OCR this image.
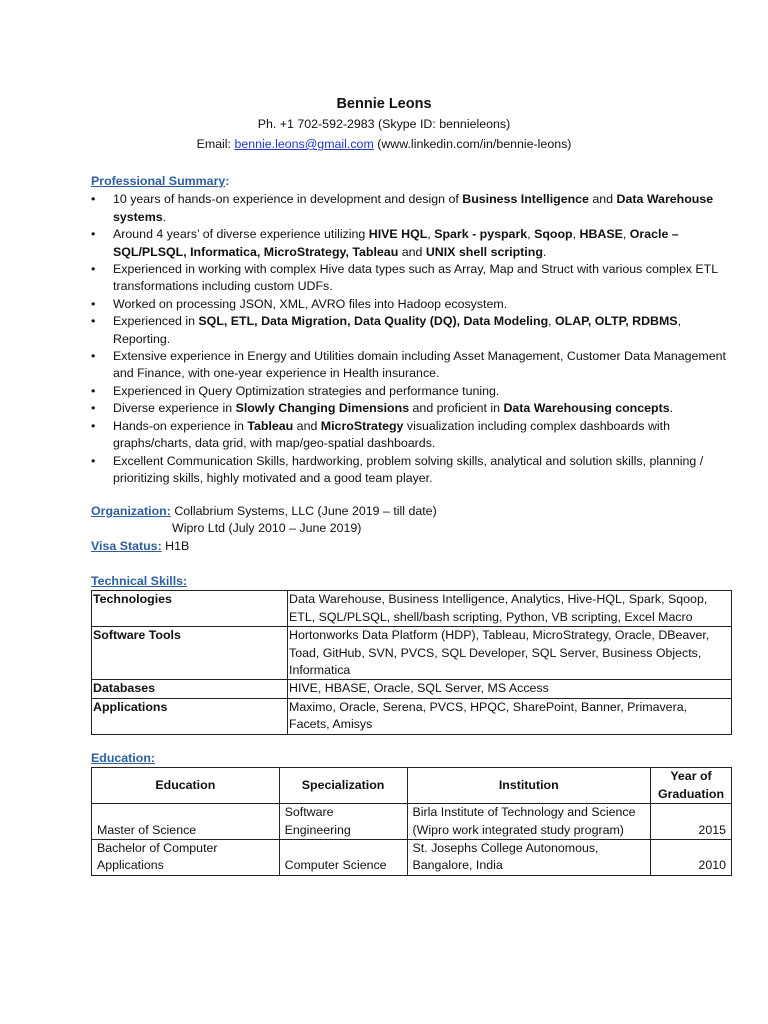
Bennie Leons
Ph. +1 702-592-2983 (Skype ID: bennieleons)
Email: bennie.leons@gmail.com (www.linkedin.com/in/bennie-leons)
Professional Summary:
• 10 years of hands-on experience in development and design of Business Intelligence and Data Warehouse systems.
• Around 4 years’ of diverse experience utilizing HIVE HQL, Spark - pyspark, Sqoop, HBASE, Oracle – SQL/PLSQL, Informatica, MicroStrategy, Tableau and UNIX shell scripting.
• Experienced in working with complex Hive data types such as Array, Map and Struct with various complex ETL transformations including custom UDFs.
• Worked on processing JSON, XML, AVRO files into Hadoop ecosystem.
• Experienced in SQL, ETL, Data Migration, Data Quality (DQ), Data Modeling, OLAP, OLTP, RDBMS, Reporting.
• Extensive experience in Energy and Utilities domain including Asset Management, Customer Data Management and Finance, with one-year experience in Health insurance.
• Experienced in Query Optimization strategies and performance tuning.
• Diverse experience in Slowly Changing Dimensions and proficient in Data Warehousing concepts.
• Hands-on experience in Tableau and MicroStrategy visualization including complex dashboards with graphs/charts, data grid, with map/geo-spatial dashboards.
• Excellent Communication Skills, hardworking, problem solving skills, analytical and solution skills, planning / prioritizing skills, highly motivated and a good team player.
Organization: Collabrium Systems, LLC (June 2019 – till date)
Wipro Ltd (July 2010 – June 2019)
Visa Status: H1B
Technical Skills:
Technologies	Data Warehouse, Business Intelligence, Analytics, Hive-HQL, Spark, Sqoop, ETL, SQL/PLSQL, shell/bash scripting, Python, VB scripting, Excel Macro
Software Tools	Hortonworks Data Platform (HDP), Tableau, MicroStrategy, Oracle, DBeaver, Toad, GitHub, SVN, PVCS, SQL Developer, SQL Server, Business Objects, Informatica
Databases	HIVE, HBASE, Oracle, SQL Server, MS Access
Applications	Maximo, Oracle, Serena, PVCS, HPQC, SharePoint, Banner, Primavera, Facets, Amisys
Education:
Education	Specialization	Institution	Year of Graduation
Master of Science	Software Engineering	Birla Institute of Technology and Science (Wipro work integrated study program)	2015
Bachelor of Computer Applications	Computer Science	St. Josephs College Autonomous, Bangalore, India	2010
